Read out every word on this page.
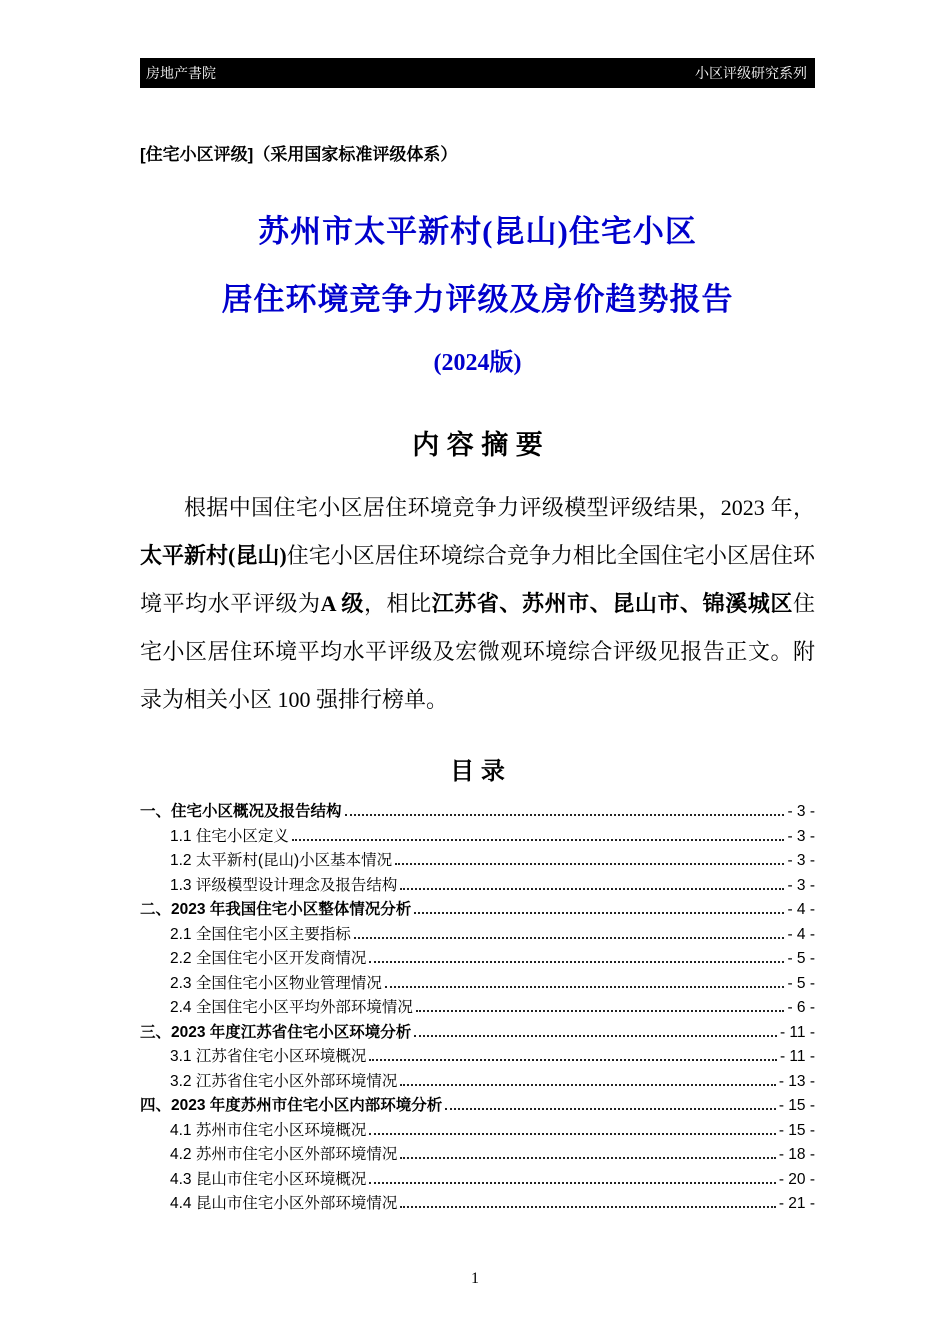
房地产書院	小区评级研究系列
[住宅小区评级]（采用国家标准评级体系）
苏州市太平新村(昆山)住宅小区
居住环境竞争力评级及房价趋势报告
(2024版)
内 容 摘 要

根据中国住宅小区居住环境竞争力评级模型评级结果，2023 年，太平新村(昆山)住宅小区居住环境综合竞争力相比全国住宅小区居住环境平均水平评级为A 级，相比江苏省、苏州市、昆山市、锦溪城区住宅小区居住环境平均水平评级及宏微观环境综合评级见报告正文。附录为相关小区 100 强排行榜单。

目 录
一、住宅小区概况及报告结构	- 3 -
1.1 住宅小区定义	- 3 -
1.2 太平新村(昆山)小区基本情况	- 3 -
1.3 评级模型设计理念及报告结构	- 3 -
二、2023 年我国住宅小区整体情况分析	- 4 -
2.1 全国住宅小区主要指标	- 4 -
2.2 全国住宅小区开发商情况	- 5 -
2.3 全国住宅小区物业管理情况	- 5 -
2.4 全国住宅小区平均外部环境情况	- 6 -
三、2023 年度江苏省住宅小区环境分析	- 11 -
3.1 江苏省住宅小区环境概况	- 11 -
3.2 江苏省住宅小区外部环境情况	- 13 -
四、2023 年度苏州市住宅小区内部环境分析	- 15 -
4.1 苏州市住宅小区环境概况	- 15 -
4.2 苏州市住宅小区外部环境情况	- 18 -
4.3 昆山市住宅小区环境概况	- 20 -
4.4 昆山市住宅小区外部环境情况	- 21 -
1
